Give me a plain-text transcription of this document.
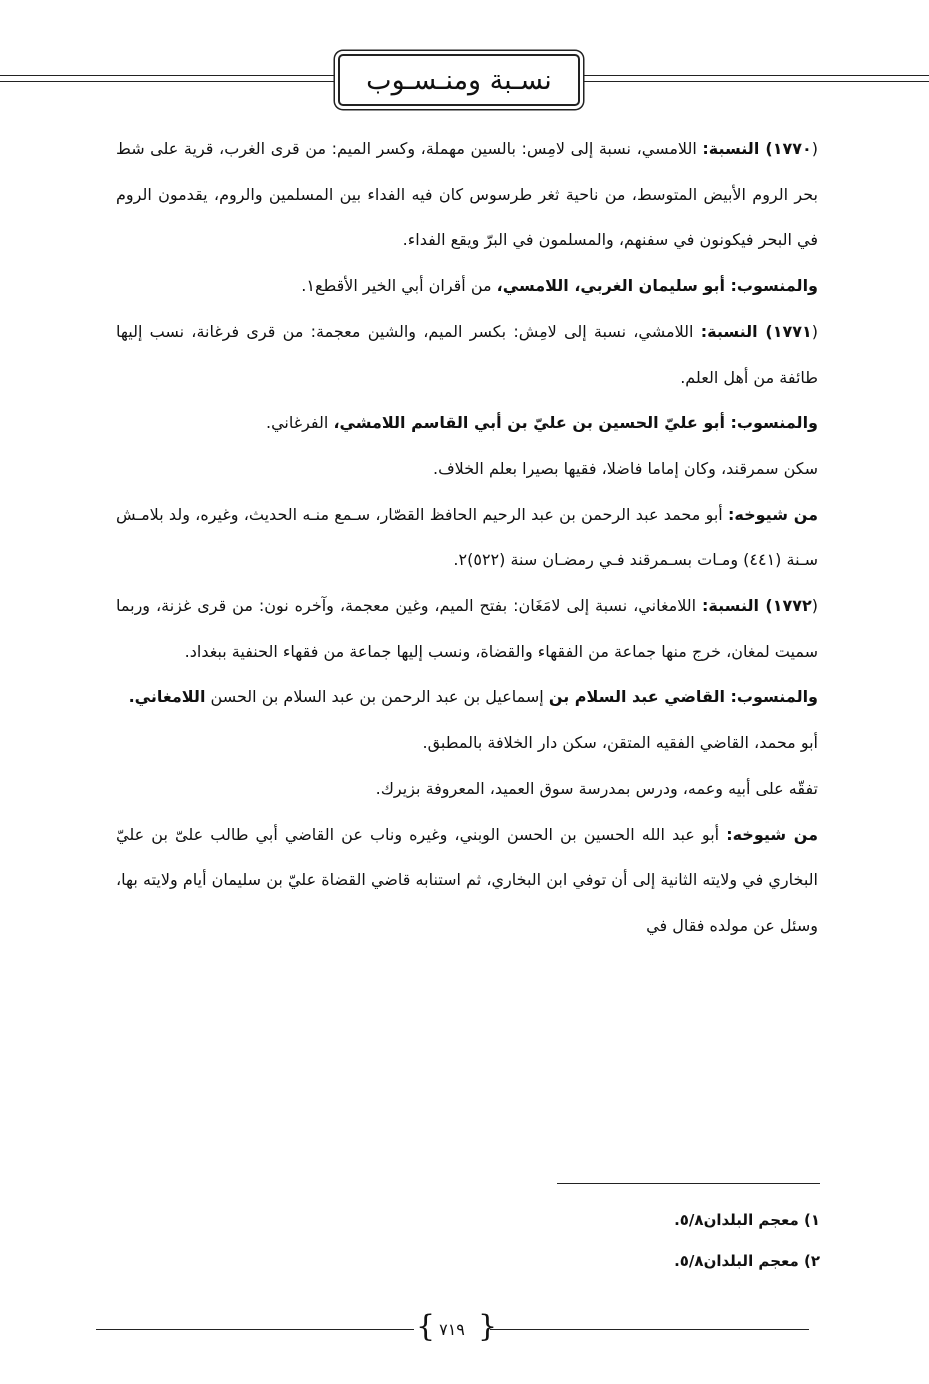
نسـبة ومنـسـوب

(١٧٧٠) النسبة: اللامسي، نسبة إلى لامِس: بالسين مهملة، وكسر الميم: من قرى الغرب، قرية على شط بحر الروم الأبيض المتوسط، من ناحية ثغر طرسوس كان فيه الفداء بين المسلمين والروم، يقدمون الروم في البحر فيكونون في سفنهم، والمسلمون في البرّ ويقع الفداء.

والمنسوب: أبو سليمان الغربي، اللامسي، من أقران أبي الخير الأقطع١.

(١٧٧١) النسبة: اللامشي، نسبة إلى لامِش: بكسر الميم، والشين معجمة: من قرى فرغانة، نسب إليها طائفة من أهل العلم.

والمنسوب: أبو عليّ الحسين بن عليّ بن أبي القاسم اللامشي، الفرغاني.

سكن سمرقند، وكان إماما فاضلا، فقيها بصيرا بعلم الخلاف.

من شيوخه: أبو محمد عبد الرحمن بن عبد الرحيم الحافظ القصّار، سـمع منـه الحديث، وغيره، ولد بلامـش سـنة (٤٤١) ومـات بسـمرقند فـي رمضـان سنة (٥٢٢)٢.

(١٧٧٢) النسبة: اللامغاني، نسبة إلى لامَغَان: بفتح الميم، وغين معجمة، وآخره نون: من قرى غزنة، وربما سميت لمغان، خرج منها جماعة من الفقهاء والقضاة، ونسب إليها جماعة من فقهاء الحنفية ببغداد.

والمنسوب: القاضي عبد السلام بن إسماعيل بن عبد الرحمن بن عبد السلام بن الحسن اللامغاني.

أبو محمد، القاضي الفقيه المتقن، سكن دار الخلافة بالمطبق.

تفقّه على أبيه وعمه، ودرس بمدرسة سوق العميد، المعروفة بزيرك.

من شيوخه: أبو عبد الله الحسين بن الحسن الوبني، وغيره وناب عن القاضي أبي طالب علىّ بن عليّ البخاري في ولايته الثانية إلى أن توفي ابن البخاري، ثم استنابه قاضي القضاة عليّ بن سليمان أيام ولايته بها، وسئل عن مولده فقال في

١) معجم البلدان٥/٨.

٢) معجم البلدان٥/٨.

{ ٧١٩ }
